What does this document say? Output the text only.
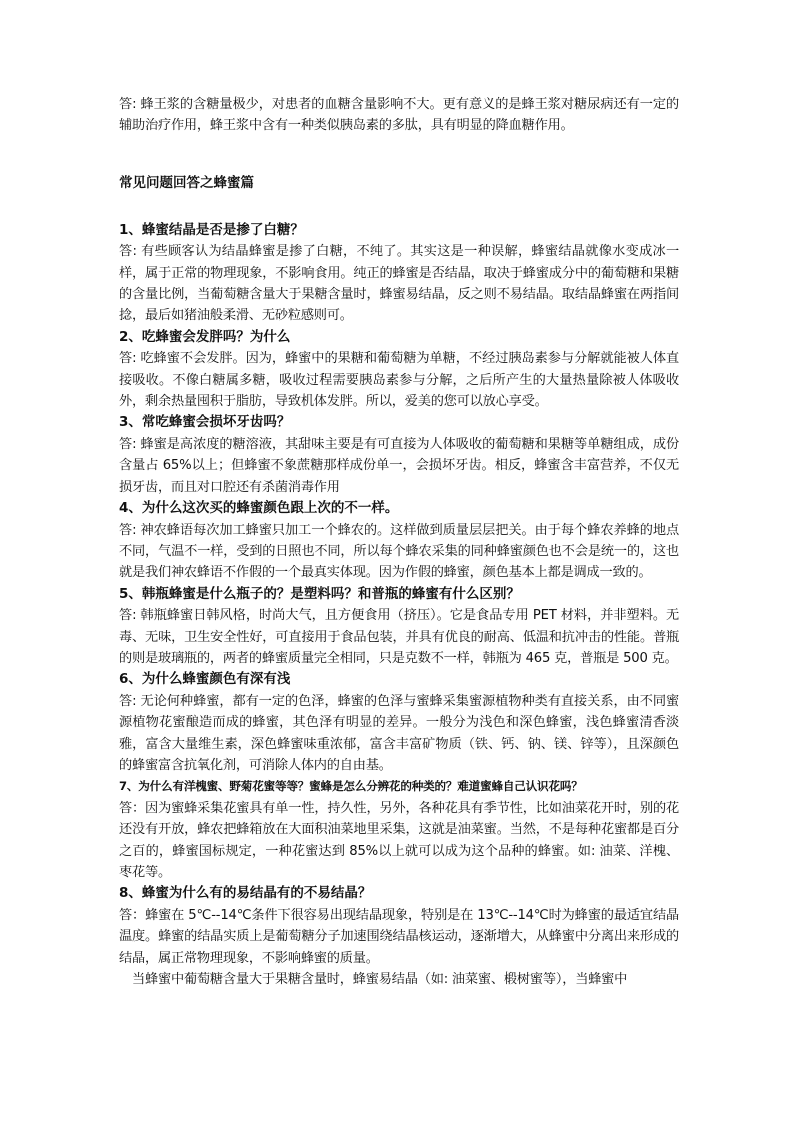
答: 蜂王浆的含糖量极少，对患者的血糖含量影响不大。更有意义的是蜂王浆对糖尿病还有一定的辅助治疗作用，蜂王浆中含有一种类似胰岛素的多肽，具有明显的降血糖作用。

常见问题回答之蜂蜜篇
1、蜂蜜结晶是否是掺了白糖？

答: 有些顾客认为结晶蜂蜜是掺了白糖，不纯了。其实这是一种误解，蜂蜜结晶就像水变成冰一样，属于正常的物理现象，不影响食用。纯正的蜂蜜是否结晶，取决于蜂蜜成分中的葡萄糖和果糖的含量比例，当葡萄糖含量大于果糖含量时，蜂蜜易结晶，反之则不易结晶。取结晶蜂蜜在两指间捻，最后如猪油般柔滑、无砂粒感则可。

2、吃蜂蜜会发胖吗？为什么

答: 吃蜂蜜不会发胖。因为，蜂蜜中的果糖和葡萄糖为单糖，不经过胰岛素参与分解就能被人体直接吸收。不像白糖属多糖，吸收过程需要胰岛素参与分解，之后所产生的大量热量除被人体吸收外，剩余热量囤积于脂肪，导致机体发胖。所以，爱美的您可以放心享受。

3、常吃蜂蜜会损坏牙齿吗？

答: 蜂蜜是高浓度的糖溶液，其甜味主要是有可直接为人体吸收的葡萄糖和果糖等单糖组成，成份含量占 65%以上；但蜂蜜不象蔗糖那样成份单一，会损坏牙齿。相反，蜂蜜含丰富营养，不仅无损牙齿，而且对口腔还有杀菌消毒作用

4、为什么这次买的蜂蜜颜色跟上次的不一样。

答: 神农蜂语每次加工蜂蜜只加工一个蜂农的。这样做到质量层层把关。由于每个蜂农养蜂的地点不同，气温不一样，受到的日照也不同，所以每个蜂农采集的同种蜂蜜颜色也不会是统一的，这也就是我们神农蜂语不作假的一个最真实体现。因为作假的蜂蜜，颜色基本上都是调成一致的。

5、韩瓶蜂蜜是什么瓶子的？是塑料吗？和普瓶的蜂蜜有什么区别？

答: 韩瓶蜂蜜日韩风格，时尚大气，且方便食用（挤压）。它是食品专用 PET 材料，并非塑料。无毒、无味，卫生安全性好，可直接用于食品包装，并具有优良的耐高、低温和抗冲击的性能。普瓶的则是玻璃瓶的，两者的蜂蜜质量完全相同，只是克数不一样，韩瓶为 465 克，普瓶是 500 克。

6、为什么蜂蜜颜色有深有浅

答: 无论何种蜂蜜，都有一定的色泽，蜂蜜的色泽与蜜蜂采集蜜源植物种类有直接关系，由不同蜜源植物花蜜酿造而成的蜂蜜，其色泽有明显的差异。一般分为浅色和深色蜂蜜，浅色蜂蜜清香淡雅，富含大量维生素，深色蜂蜜味重浓郁，富含丰富矿物质（铁、钙、钠、镁、锌等），且深颜色的蜂蜜富含抗氧化剂，可消除人体内的自由基。

7、为什么有洋槐蜜、野菊花蜜等等？蜜蜂是怎么分辨花的种类的？难道蜜蜂自己认识花吗？

答：因为蜜蜂采集花蜜具有单一性，持久性，另外，各种花具有季节性，比如油菜花开时，别的花还没有开放，蜂农把蜂箱放在大面积油菜地里采集，这就是油菜蜜。当然，不是每种花蜜都是百分之百的，蜂蜜国标规定，一种花蜜达到 85%以上就可以成为这个品种的蜂蜜。如: 油菜、洋槐、枣花等。

8、蜂蜜为什么有的易结晶有的不易结晶？

答：蜂蜜在 5℃--14℃条件下很容易出现结晶现象，特别是在 13℃--14℃时为蜂蜜的最适宜结晶温度。蜂蜜的结晶实质上是葡萄糖分子加速围绕结晶核运动，逐渐增大，从蜂蜜中分离出来形成的结晶，属正常物理现象，不影响蜂蜜的质量。

当蜂蜜中葡萄糖含量大于果糖含量时，蜂蜜易结晶（如: 油菜蜜、椴树蜜等），当蜂蜜中
